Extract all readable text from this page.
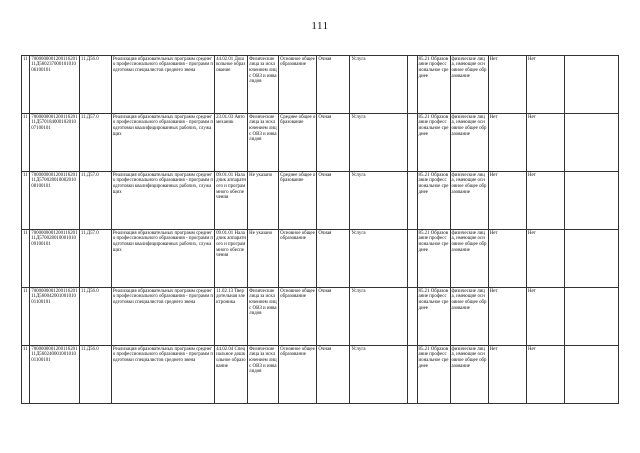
111
11	700000000120011620111Д56023700010101006100101	11.Д56.0	Реализация образовательных программ среднего профессионального образования - программ подготовки специалистов среднего звена	44.02.01 Дошкольное образование	Физические лица за исключением лиц с ОВЗ и инвалидов	Основное общее образование	Очная	Услуга		85.21 Образование профессиональное среднее	физические лица, имеющие основное общее образование	Нет	Нет	
11	700000000120011620111Д57018400010201007100101	11.Д57.0	Реализация образовательных программ среднего профессионального образования - программ подготовки квалифицированных рабочих, служащих	23.01.03 Автомеханик	Физические лица за исключением лиц с ОВЗ и инвалидов	Среднее общее образование	Очная	Услуга		85.21 Образование профессиональное среднее	физические лица, имеющие основное общее образование	Нет	Нет	
11	700000000120011620111Д57002801000201008100101	11.Д57.0	Реализация образовательных программ среднего профессионального образования - программ подготовки квалифицированных рабочих, служащих	09.01.01 Наладчик аппаратного и программного обеспечения	Не указано	Среднее общее образование	Очная	Услуга		85.21 Образование профессиональное среднее	физические лица, имеющие основное общее образование	Нет	Нет	
11	700000000120011620111Д57002801000101009100101	11.Д57.0	Реализация образовательных программ среднего профессионального образования - программ подготовки квалифицированных рабочих, служащих	09.01.01 Наладчик аппаратного и программного обеспечения	Не указано	Основное общее образование	Очная	Услуга		85.21 Образование профессиональное среднее	физические лица, имеющие основное общее образование	Нет	Нет	
11	700000000120011620111Д56004200100101001100101	11.Д56.0	Реализация образовательных программ среднего профессионального образования - программ подготовки специалистов среднего звена	11.02.13 Твердотельная электроника	Физические лица за исключением лиц с ОВЗ и инвалидов	Основное общее образование	Очная	Услуга		85.21 Образование профессиональное среднее	физические лица, имеющие основное общее образование	Нет	Нет	
11	700000000120011620111Д56024000100101001100101	11.Д56.0	Реализация образовательных программ среднего профессионального образования - программ подготовки специалистов среднего звена	44.02.04 Специальное дошкольное образование	Физические лица за исключением лиц с ОВЗ и инвалидов	Основное общее образование	Очная	Услуга		85.21 Образование профессиональное среднее	физические лица, имеющие основное общее образование	Нет	Нет	
